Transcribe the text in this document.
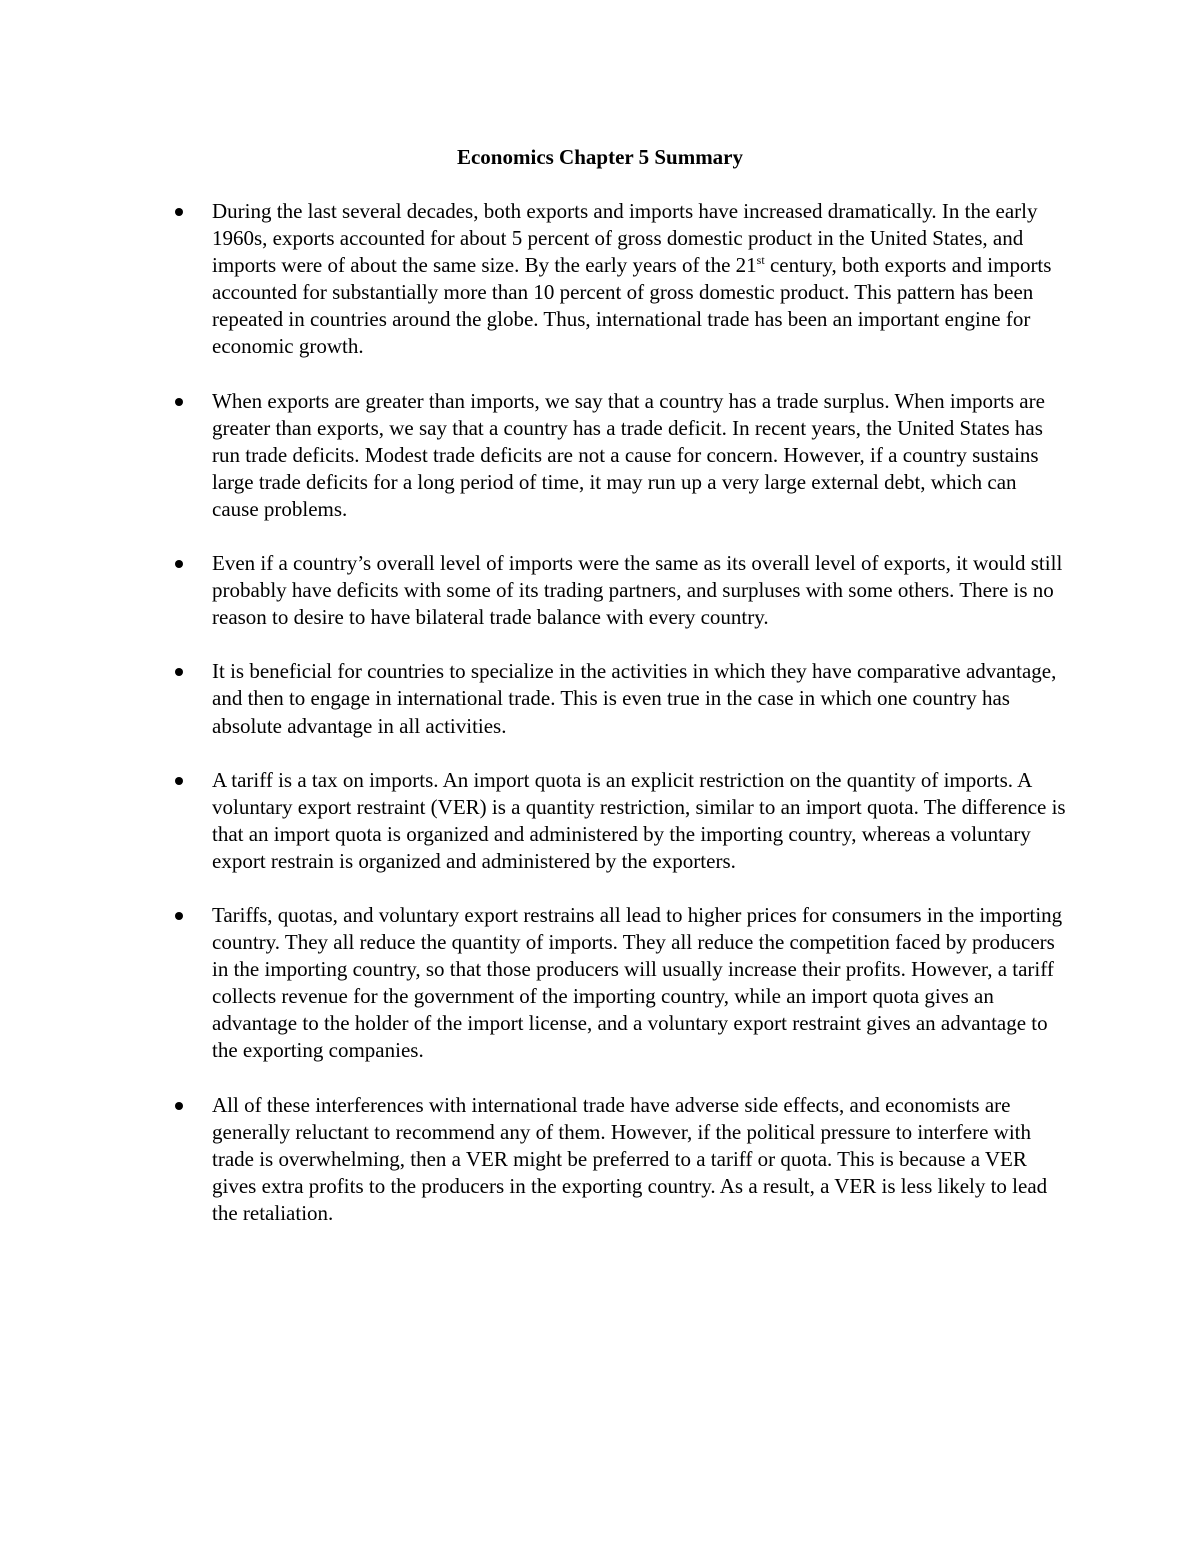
Economics Chapter 5 Summary
During the last several decades, both exports and imports have increased dramatically. In the early 1960s, exports accounted for about 5 percent of gross domestic product in the United States, and imports were of about the same size. By the early years of the 21st century, both exports and imports accounted for substantially more than 10 percent of gross domestic product. This pattern has been repeated in countries around the globe. Thus, international trade has been an important engine for economic growth.
When exports are greater than imports, we say that a country has a trade surplus. When imports are greater than exports, we say that a country has a trade deficit. In recent years, the United States has run trade deficits. Modest trade deficits are not a cause for concern. However, if a country sustains large trade deficits for a long period of time, it may run up a very large external debt, which can cause problems.
Even if a country’s overall level of imports were the same as its overall level of exports, it would still probably have deficits with some of its trading partners, and surpluses with some others. There is no reason to desire to have bilateral trade balance with every country.
It is beneficial for countries to specialize in the activities in which they have comparative advantage, and then to engage in international trade. This is even true in the case in which one country has absolute advantage in all activities.
A tariff is a tax on imports. An import quota is an explicit restriction on the quantity of imports. A voluntary export restraint (VER) is a quantity restriction, similar to an import quota. The difference is that an import quota is organized and administered by the importing country, whereas a voluntary export restrain is organized and administered by the exporters.
Tariffs, quotas, and voluntary export restrains all lead to higher prices for consumers in the importing country. They all reduce the quantity of imports. They all reduce the competition faced by producers in the importing country, so that those producers will usually increase their profits. However, a tariff collects revenue for the government of the importing country, while an import quota gives an advantage to the holder of the import license, and a voluntary export restraint gives an advantage to the exporting companies.
All of these interferences with international trade have adverse side effects, and economists are generally reluctant to recommend any of them. However, if the political pressure to interfere with trade is overwhelming, then a VER might be preferred to a tariff or quota. This is because a VER gives extra profits to the producers in the exporting country. As a result, a VER is less likely to lead the retaliation.
